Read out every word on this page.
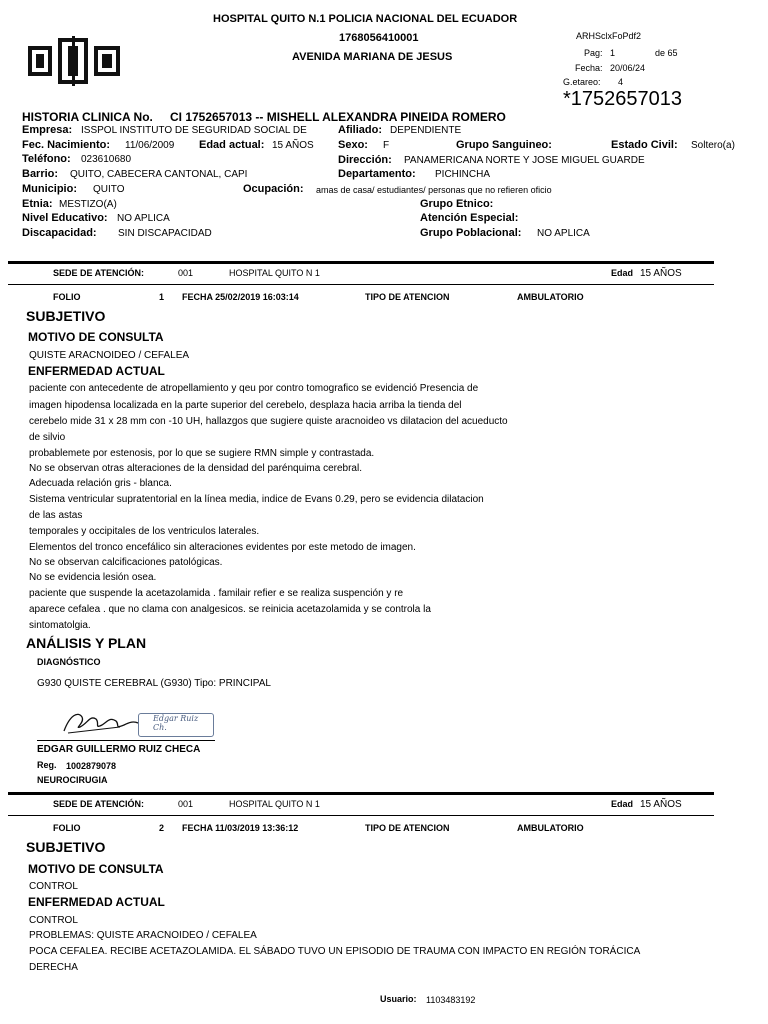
HOSPITAL QUITO N.1 POLICIA NACIONAL DEL ECUADOR
1768056410001
AVENIDA MARIANA DE JESUS
ARHSclxFoPdf2
Pag: 1	de 65
Fecha: 20/06/24
G.etareo: 4
*1752657013
HISTORIA CLINICA No. CI 1752657013 -- MISHELL ALEXANDRA PINEIDA ROMERO
Empresa: ISSPOL INSTITUTO DE SEGURIDAD SOCIAL DE	Afiliado: DEPENDIENTE
Fec. Nacimiento: 11/06/2009 Edad actual: 15 AÑOS Sexo: F	Grupo Sanguineo:	Estado Civil: Soltero(a)
Teléfono: 023610680	Dirección: PANAMERICANA NORTE Y JOSE MIGUEL GUARDE
Barrio: QUITO, CABECERA CANTONAL, CAPI	Departamento: PICHINCHA
Municipio: QUITO	Ocupación: amas de casa/ estudiantes/ personas que no refieren oficio
Etnia: MESTIZO(A)	Grupo Etnico:
Nivel Educativo: NO APLICA	Atención Especial:
Discapacidad: SIN DISCAPACIDAD	Grupo Poblacional: NO APLICA
SEDE DE ATENCIÓN:	001	HOSPITAL QUITO N 1	Edad 15 AÑOS
FOLIO	1 FECHA 25/02/2019 16:03:14	TIPO DE ATENCION	AMBULATORIO
SUBJETIVO
MOTIVO DE CONSULTA
QUISTE ARACNOIDEO / CEFALEA
ENFERMEDAD ACTUAL
paciente con antecedente de atropellamiento y qeu por contro tomografico se evidenció Presencia de
imagen hipodensa localizada en la parte superior del cerebelo, desplaza hacia arriba la tienda del
cerebelo mide 31 x 28 mm con -10 UH, hallazgos que sugiere quiste aracnoideo vs dilatacion del acueducto
de silvio
probablemete por estenosis, por lo que se sugiere RMN simple y contrastada.
No se observan otras alteraciones de la densidad del parénquima cerebral.
Adecuada relación gris - blanca.
Sistema ventricular supratentorial en la línea media, indice de Evans 0.29, pero se evidencia dilatacion
de las astas
temporales y occipitales de los ventriculos laterales.
Elementos del tronco encefálico sin alteraciones evidentes por este metodo de imagen.
No se observan calcificaciones patológicas.
No se evidencia lesión osea.
paciente que suspende la acetazolamida . familair refier e se realiza suspención y re
aparece cefalea . que no clama con analgesicos. se reinicia acetazolamida y se controla la
sintomatolgia.
ANÁLISIS Y PLAN
DIAGNÓSTICO
G930 QUISTE CEREBRAL (G930) Tipo: PRINCIPAL
Edgar Ruiz Ch.
EDGAR GUILLERMO RUIZ CHECA
Reg. 1002879078
NEUROCIRUGIA
SEDE DE ATENCIÓN:	001	HOSPITAL QUITO N 1	Edad 15 AÑOS
FOLIO	2 FECHA 11/03/2019 13:36:12	TIPO DE ATENCION	AMBULATORIO
SUBJETIVO
MOTIVO DE CONSULTA
CONTROL
ENFERMEDAD ACTUAL
CONTROL
PROBLEMAS: QUISTE ARACNOIDEO / CEFALEA
POCA CEFALEA. RECIBE ACETAZOLAMIDA. EL SÁBADO TUVO UN EPISODIO DE TRAUMA CON IMPACTO EN REGIÓN TORÁCICA
DERECHA
Usuario: 1103483192
